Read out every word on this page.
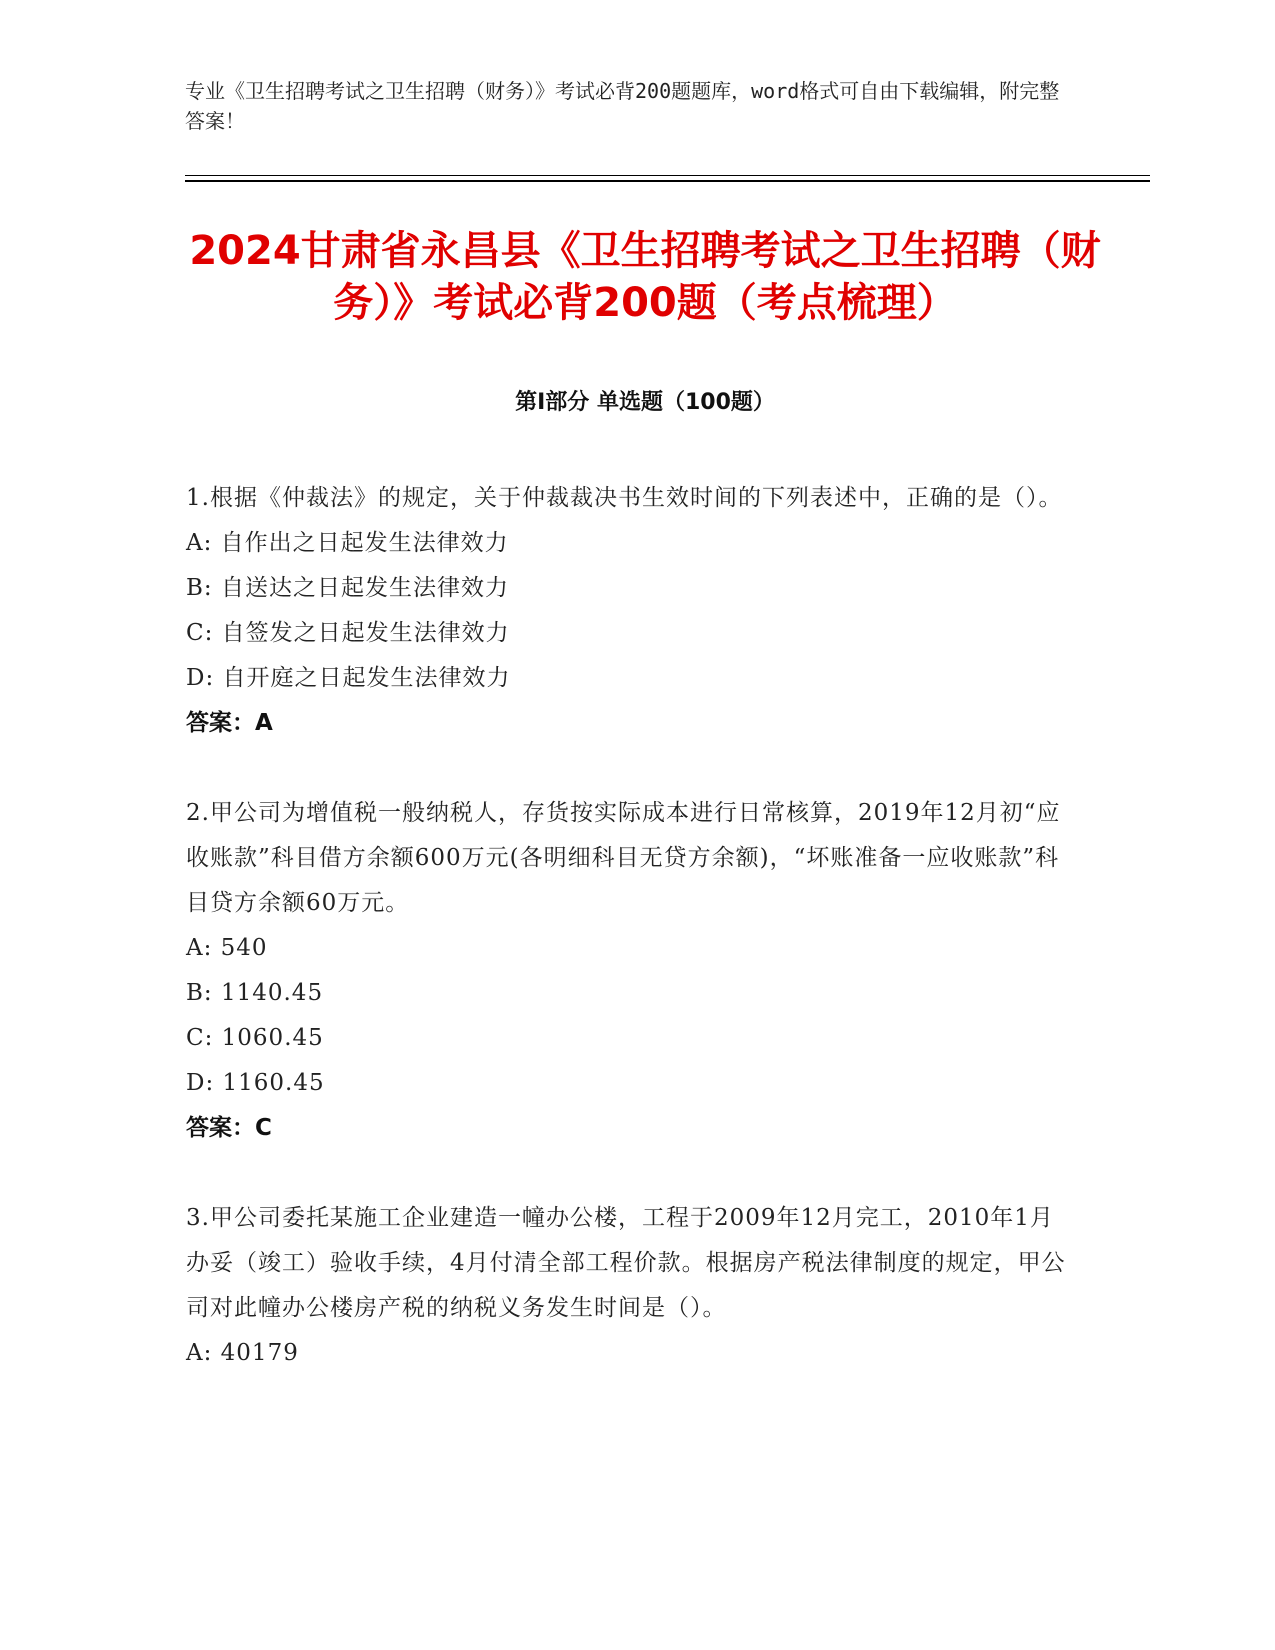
专业《卫生招聘考试之卫生招聘（财务）》考试必背200题题库，word格式可自由下载编辑，附完整答案！
2024甘肃省永昌县《卫生招聘考试之卫生招聘（财务）》考试必背200题（考点梳理）
第Ⅰ部分 单选题（100题）
1.根据《仲裁法》的规定，关于仲裁裁决书生效时间的下列表述中，正确的是（）。
A: 自作出之日起发生法律效力
B: 自送达之日起发生法律效力
C: 自签发之日起发生法律效力
D: 自开庭之日起发生法律效力
答案：A
2.甲公司为增值税一般纳税人，存货按实际成本进行日常核算，2019年12月初“应收账款”科目借方余额600万元(各明细科目无贷方余额)，“坏账准备一应收账款”科目贷方余额60万元。
A: 540
B: 1140.45
C: 1060.45
D: 1160.45
答案：C
3.甲公司委托某施工企业建造一幢办公楼，工程于2009年12月完工，2010年1月办妥（竣工）验收手续，4月付清全部工程价款。根据房产税法律制度的规定，甲公司对此幢办公楼房产税的纳税义务发生时间是（）。
A: 40179
